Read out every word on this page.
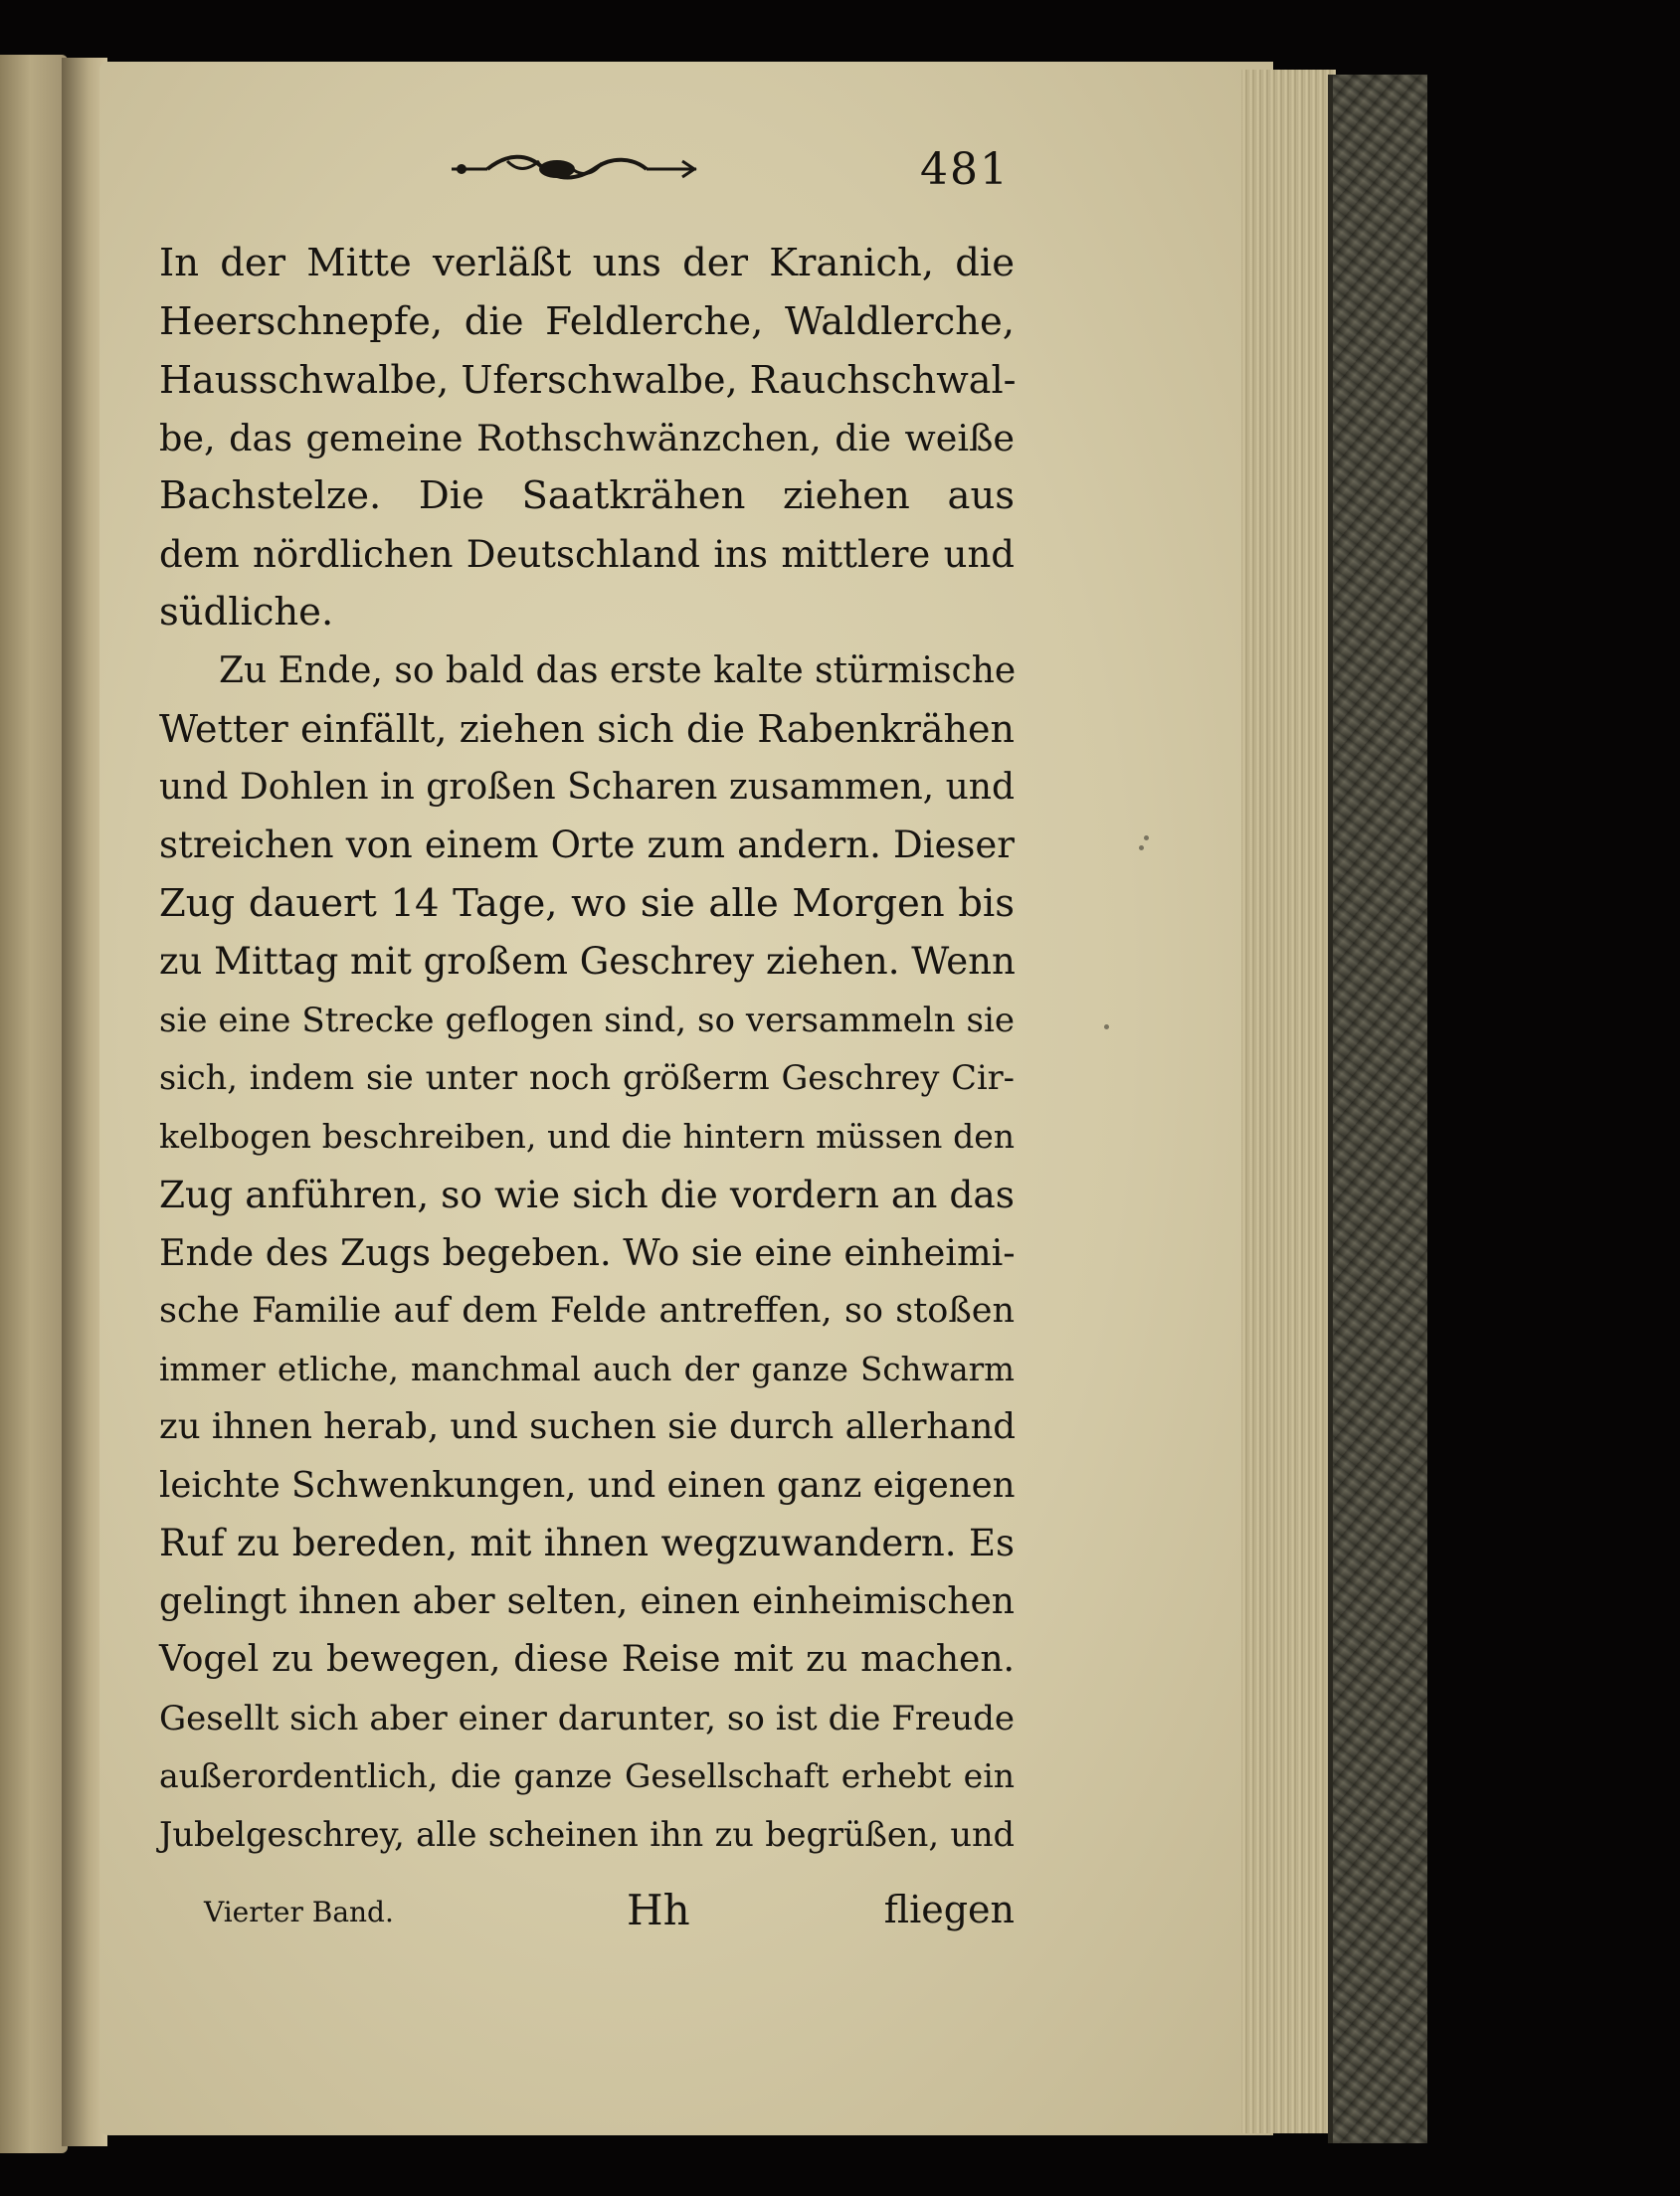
481
In der Mitte verläßt uns der Kranich, die
Heerschnepfe, die Feldlerche, Waldlerche,
Hausschwalbe, Uferschwalbe, Rauchschwal-
be, das gemeine Rothschwänzchen, die weiße
Bachstelze. Die Saatkrähen ziehen aus
dem nördlichen Deutschland ins mittlere und
südliche.
Zu Ende, so bald das erste kalte stürmische
Wetter einfällt, ziehen sich die Rabenkrähen
und Dohlen in großen Scharen zusammen, und
streichen von einem Orte zum andern. Dieser
Zug dauert 14 Tage, wo sie alle Morgen bis
zu Mittag mit großem Geschrey ziehen. Wenn
sie eine Strecke geflogen sind, so versammeln sie
sich, indem sie unter noch größerm Geschrey Cir-
kelbogen beschreiben, und die hintern müssen den
Zug anführen, so wie sich die vordern an das
Ende des Zugs begeben. Wo sie eine einheimi-
sche Familie auf dem Felde antreffen, so stoßen
immer etliche, manchmal auch der ganze Schwarm
zu ihnen herab, und suchen sie durch allerhand
leichte Schwenkungen, und einen ganz eigenen
Ruf zu bereden, mit ihnen wegzuwandern. Es
gelingt ihnen aber selten, einen einheimischen
Vogel zu bewegen, diese Reise mit zu machen.
Gesellt sich aber einer darunter, so ist die Freude
außerordentlich, die ganze Gesellschaft erhebt ein
Jubelgeschrey, alle scheinen ihn zu begrüßen, und
Vierter Band.	Hh	fliegen
